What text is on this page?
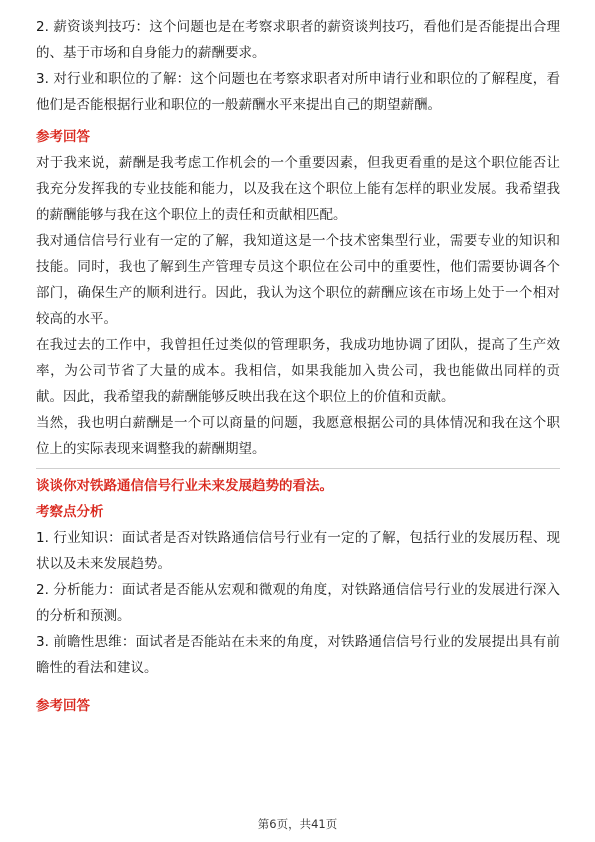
2. 薪资谈判技巧：这个问题也是在考察求职者的薪资谈判技巧，看他们是否能提出合理的、基于市场和自身能力的薪酬要求。

3. 对行业和职位的了解：这个问题也在考察求职者对所申请行业和职位的了解程度，看他们是否能根据行业和职位的一般薪酬水平来提出自己的期望薪酬。

参考回答

对于我来说，薪酬是我考虑工作机会的一个重要因素，但我更看重的是这个职位能否让我充分发挥我的专业技能和能力，以及我在这个职位上能有怎样的职业发展。我希望我的薪酬能够与我在这个职位上的责任和贡献相匹配。

我对通信信号行业有一定的了解，我知道这是一个技术密集型行业，需要专业的知识和技能。同时，我也了解到生产管理专员这个职位在公司中的重要性，他们需要协调各个部门，确保生产的顺利进行。因此，我认为这个职位的薪酬应该在市场上处于一个相对较高的水平。

在我过去的工作中，我曾担任过类似的管理职务，我成功地协调了团队，提高了生产效率，为公司节省了大量的成本。我相信，如果我能加入贵公司，我也能做出同样的贡献。因此，我希望我的薪酬能够反映出我在这个职位上的价值和贡献。

当然，我也明白薪酬是一个可以商量的问题，我愿意根据公司的具体情况和我在这个职位上的实际表现来调整我的薪酬期望。

谈谈你对铁路通信信号行业未来发展趋势的看法。

考察点分析

1. 行业知识：面试者是否对铁路通信信号行业有一定的了解，包括行业的发展历程、现状以及未来发展趋势。

2. 分析能力：面试者是否能从宏观和微观的角度，对铁路通信信号行业的发展进行深入的分析和预测。

3. 前瞻性思维：面试者是否能站在未来的角度，对铁路通信信号行业的发展提出具有前瞻性的看法和建议。

参考回答

第6页，共41页
